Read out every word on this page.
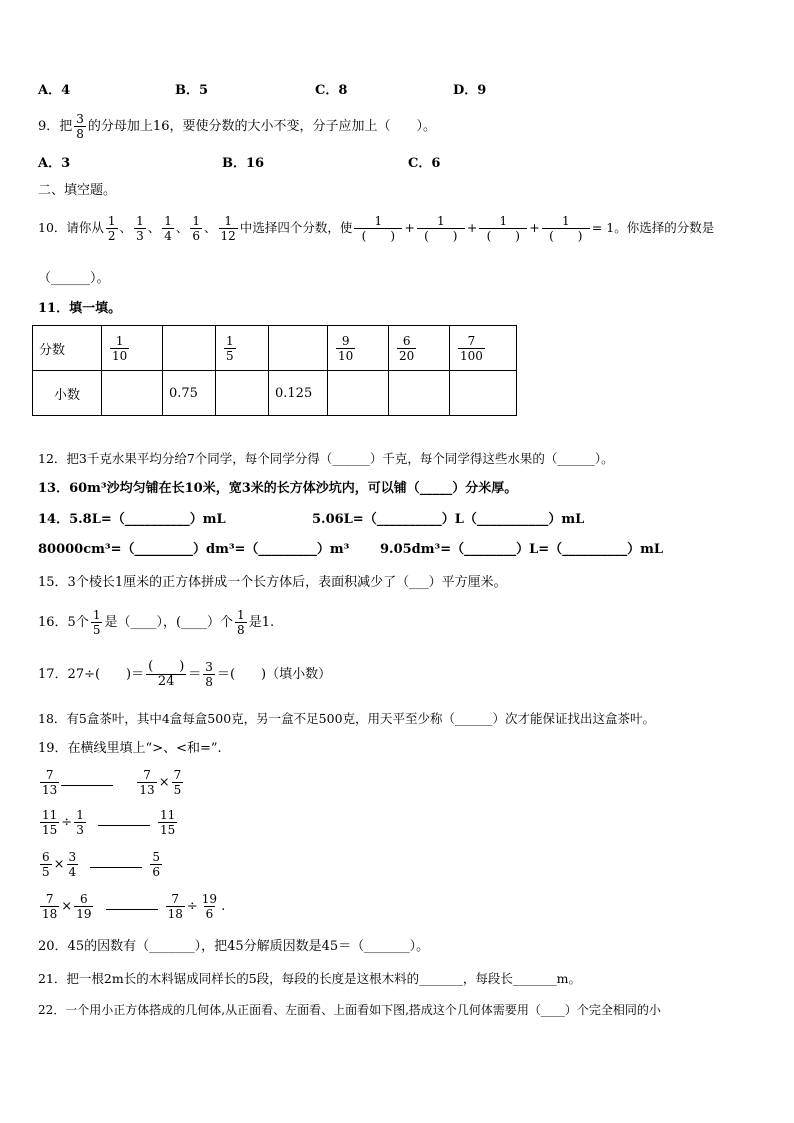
A．4	B．5	C．8	D．9
9．把 $\frac{3}{8}$ 的分母加上16，要使分数的大小不变，分子应加上（　　）。
A．3	B．16	C．6
二、填空题。
10．请你从 $\frac{1}{2}$ 、 $\frac{1}{3}$ 、 $\frac{1}{4}$ 、 $\frac{1}{6}$ 、 $\frac{1}{12}$ 中选择四个分数，使	1
(　　)
+	1
(　　)
+	1
(　　)
+	1
(　　)
= 1。你选择的分数是
（______）。
11．填一填。
分数	$\frac{1}{10}$		$\frac{1}{5}$		$\frac{9}{10}$	$\frac{6}{20}$	$\frac{7}{100}$

小数		0.75		0.125			
12．把3千克水果平均分给7个同学，每个同学分得（______）千克，每个同学得这些水果的（______）。
13．60m³沙均匀铺在长10米，宽3米的长方体沙坑内，可以铺（_____）分米厚。
14．5.8L=（__________）mL	5.06L=（__________）L（___________）mL
80000cm³=（_________）dm³=（_________）m³ 9.05dm³=（________）L=（__________）mL
15．3个棱长1厘米的正方体拼成一个长方体后，表面积减少了（___）平方厘米。
16．5个 $\frac{1}{5}$ 是（____），(____）个 $\frac{1}{8}$ 是1.
17．27÷(　　)＝
(　　)
24	＝ $\frac{3}{8}$ ＝(　　)（填小数）
18．有5盒茶叶，其中4盒每盒500克，另一盒不足500克，用天平至少称（______）次才能保证找出这盒茶叶。
19．在横线里填上“>、<和=”.
$\frac{7}{13}$
	$\frac{7}{13} \times \frac{7}{5}$
$\frac{11}{15} \div \frac{1}{3}$
	$\frac{11}{15}$
$\frac{6}{5} \times \frac{3}{4}$
	$\frac{5}{6}$
$\frac{7}{18} \times \frac{6}{19}$
	$\frac{7}{18} \div \frac{19}{6}$ .
20．45的因数有（_______），把45分解质因数是45＝（_______）。
21．把一根2m长的木料锯成同样长的5段，每段的长度是这根木料的_______，每段长_______m。
22．一个用小正方体搭成的几何体,从正面看、左面看、上面看如下图,搭成这个几何体需要用（____）个完全相同的小
